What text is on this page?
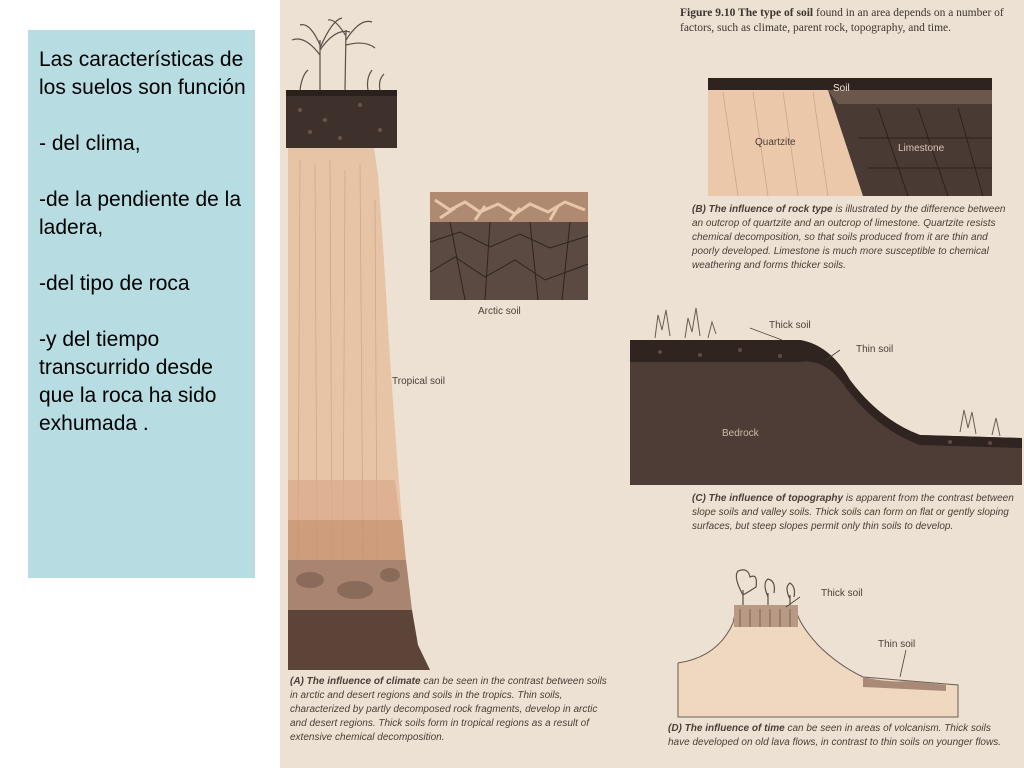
Las características de los suelos son función

- del clima,

-de la pendiente de la ladera,

-del tipo de roca

-y del tiempo transcurrido desde que la roca ha sido exhumada .

Figure 9.10 The type of soil found in an area depends on a number of factors, such as climate, parent rock, topography, and time.
Tropical soil
Arctic soil
(A) The influence of climate can be seen in the contrast between soils in arctic and desert regions and soils in the tropics. Thin soils, characterized by partly decomposed rock fragments, develop in arctic and desert regions. Thick soils form in tropical regions as a result of extensive chemical decomposition.
Soil
Quartzite
Limestone
(B) The influence of rock type is illustrated by the difference between an outcrop of quartzite and an outcrop of limestone. Quartzite resists chemical decomposition, so that soils produced from it are thin and poorly developed. Limestone is much more susceptible to chemical weathering and forms thicker soils.
Thick soil
Thin soil
Bedrock
(C) The influence of topography is apparent from the contrast between slope soils and valley soils. Thick soils can form on flat or gently sloping surfaces, but steep slopes permit only thin soils to develop.
Thick soil
Thin soil
(D) The influence of time can be seen in areas of volcanism. Thick soils have developed on old lava flows, in contrast to thin soils on younger flows.
